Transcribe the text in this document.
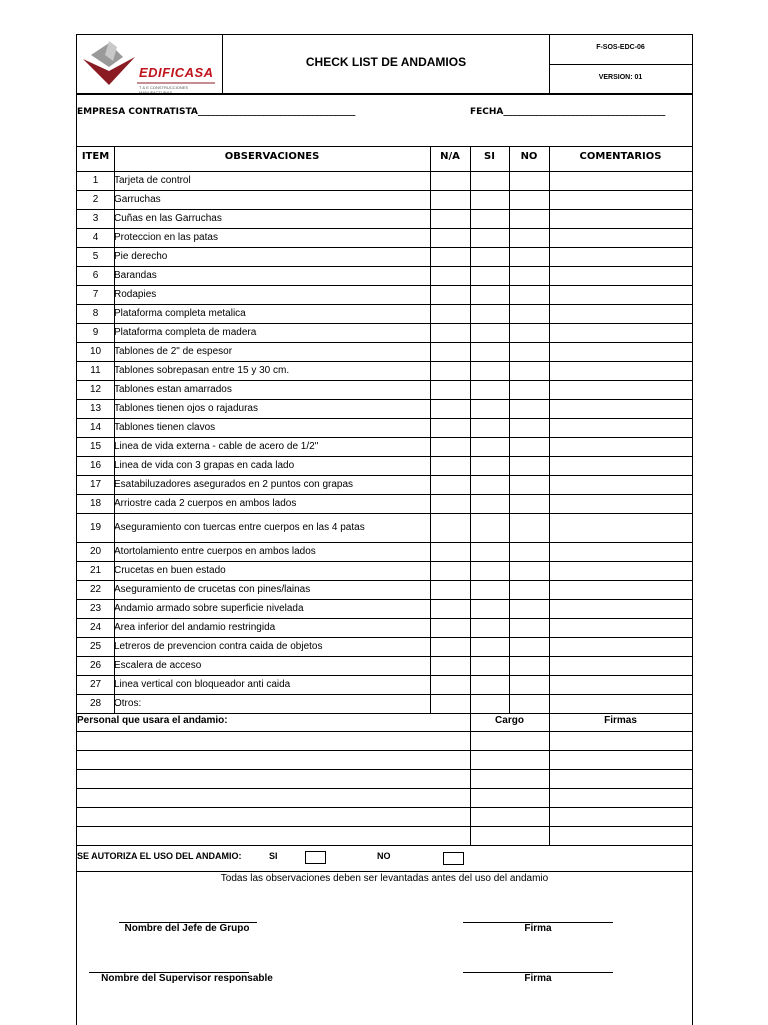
EDIFICASA
T & E CONSTRUCCIONES MANUFACTURAS
CHECK LIST DE ANDAMIOS
F-SOS-EDC-06
VERSION: 01
EMPRESA CONTRATISTA___________________________________	FECHA____________________________________
ITEM	OBSERVACIONES	N/A	SI	NO	COMENTARIOS
1	Tarjeta de control
2	Garruchas
3	Cuñas en las Garruchas
4	Proteccion en las patas
5	Pie derecho
6	Barandas
7	Rodapies
8	Plataforma completa metalica
9	Plataforma completa de madera
10	Tablones de 2" de espesor
11	Tablones sobrepasan entre 15 y 30 cm.
12	Tablones estan amarrados
13	Tablones tienen ojos o rajaduras
14	Tablones tienen clavos
15	Linea de vida externa - cable de acero de 1/2"
16	Linea de vida con 3 grapas en cada lado
17	Esatabiluzadores asegurados en 2 puntos con grapas
18	Arriostre cada 2 cuerpos en ambos lados
19	Aseguramiento con tuercas entre cuerpos en las 4 patas
20	Atortolamiento entre cuerpos en ambos lados
21	Crucetas en buen estado
22	Aseguramiento de crucetas con pines/lainas
23	Andamio armado sobre superficie nivelada
24	Area inferior del andamio restringida
25	Letreros de prevencion contra caida de objetos
26	Escalera de acceso
27	Linea vertical con bloqueador anti caida
28	Otros:
Personal que usara el andamio:	Cargo	Firmas
SE AUTORIZA EL USO DEL ANDAMIO:	SI	NO
Todas las observaciones deben ser levantadas antes del uso del andamio
Nombre del Jefe de Grupo	Firma
Nombre del Supervisor responsable	Firma
